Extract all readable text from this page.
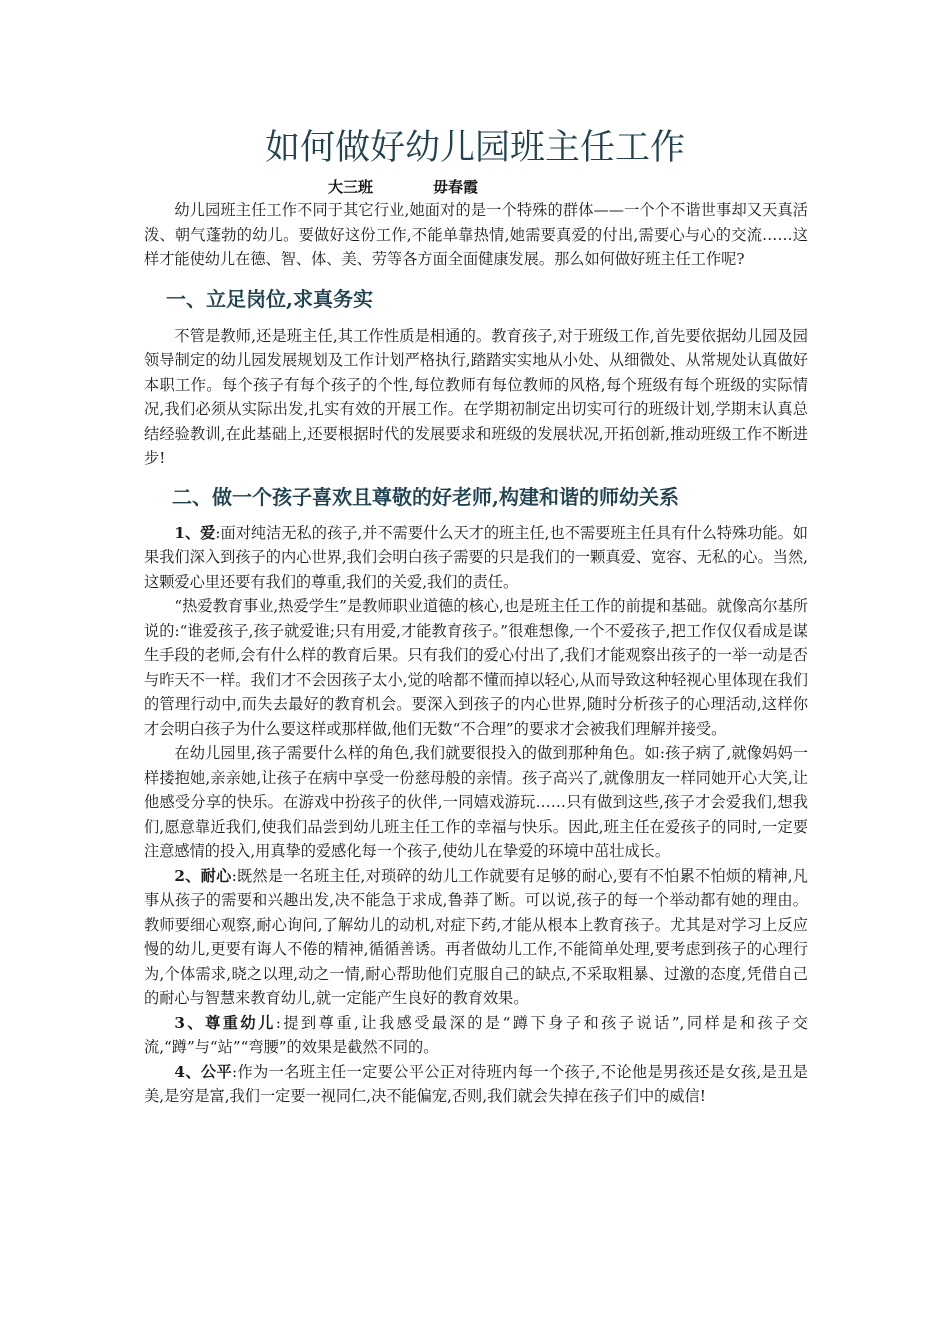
如何做好幼儿园班主任工作
大三班	毋春霞

幼儿园班主任工作不同于其它行业,她面对的是一个特殊的群体——一个个不谐世事却又天真活泼、朝气蓬勃的幼儿。要做好这份工作,不能单靠热情,她需要真爱的付出,需要心与心的交流……这样才能使幼儿在德、智、体、美、劳等各方面全面健康发展。那么如何做好班主任工作呢?

一、立足岗位,求真务实

不管是教师,还是班主任,其工作性质是相通的。教育孩子,对于班级工作,首先要依据幼儿园及园领导制定的幼儿园发展规划及工作计划严格执行,踏踏实实地从小处、从细微处、从常规处认真做好本职工作。每个孩子有每个孩子的个性,每位教师有每位教师的风格,每个班级有每个班级的实际情况,我们必须从实际出发,扎实有效的开展工作。在学期初制定出切实可行的班级计划,学期末认真总结经验教训,在此基础上,还要根据时代的发展要求和班级的发展状况,开拓创新,推动班级工作不断进步!

二、做一个孩子喜欢且尊敬的好老师,构建和谐的师幼关系

1、爱:面对纯洁无私的孩子,并不需要什么天才的班主任,也不需要班主任具有什么特殊功能。如果我们深入到孩子的内心世界,我们会明白孩子需要的只是我们的一颗真爱、宽容、无私的心。当然,这颗爱心里还要有我们的尊重,我们的关爱,我们的责任。

“热爱教育事业,热爱学生”是教师职业道德的核心,也是班主任工作的前提和基础。就像高尔基所说的:“谁爱孩子,孩子就爱谁;只有用爱,才能教育孩子。”很难想像,一个不爱孩子,把工作仅仅看成是谋生手段的老师,会有什么样的教育后果。只有我们的爱心付出了,我们才能观察出孩子的一举一动是否与昨天不一样。我们才不会因孩子太小,觉的啥都不懂而掉以轻心,从而导致这种轻视心里体现在我们的管理行动中,而失去最好的教育机会。要深入到孩子的内心世界,随时分析孩子的心理活动,这样你才会明白孩子为什么要这样或那样做,他们无数“不合理”的要求才会被我们理解并接受。

在幼儿园里,孩子需要什么样的角色,我们就要很投入的做到那种角色。如:孩子病了,就像妈妈一样搂抱她,亲亲她,让孩子在病中享受一份慈母般的亲情。孩子高兴了,就像朋友一样同她开心大笑,让他感受分享的快乐。在游戏中扮孩子的伙伴,一同嬉戏游玩……只有做到这些,孩子才会爱我们,想我们,愿意靠近我们,使我们品尝到幼儿班主任工作的幸福与快乐。因此,班主任在爱孩子的同时,一定要注意感情的投入,用真挚的爱感化每一个孩子,使幼儿在挚爱的环境中茁壮成长。

2、耐心:既然是一名班主任,对琐碎的幼儿工作就要有足够的耐心,要有不怕累不怕烦的精神,凡事从孩子的需要和兴趣出发,决不能急于求成,鲁莽了断。可以说,孩子的每一个举动都有她的理由。教师要细心观察,耐心询问,了解幼儿的动机,对症下药,才能从根本上教育孩子。尤其是对学习上反应慢的幼儿,更要有诲人不倦的精神,循循善诱。再者做幼儿工作,不能简单处理,要考虑到孩子的心理行为,个体需求,晓之以理,动之一情,耐心帮助他们克服自己的缺点,不采取粗暴、过激的态度,凭借自己的耐心与智慧来教育幼儿,就一定能产生良好的教育效果。

3、尊重幼儿:提到尊重,让我感受最深的是“蹲下身子和孩子说话”,同样是和孩子交流,“蹲”与“站”“弯腰”的效果是截然不同的。

4、公平:作为一名班主任一定要公平公正对待班内每一个孩子,不论他是男孩还是女孩,是丑是美,是穷是富,我们一定要一视同仁,决不能偏宠,否则,我们就会失掉在孩子们中的威信!
